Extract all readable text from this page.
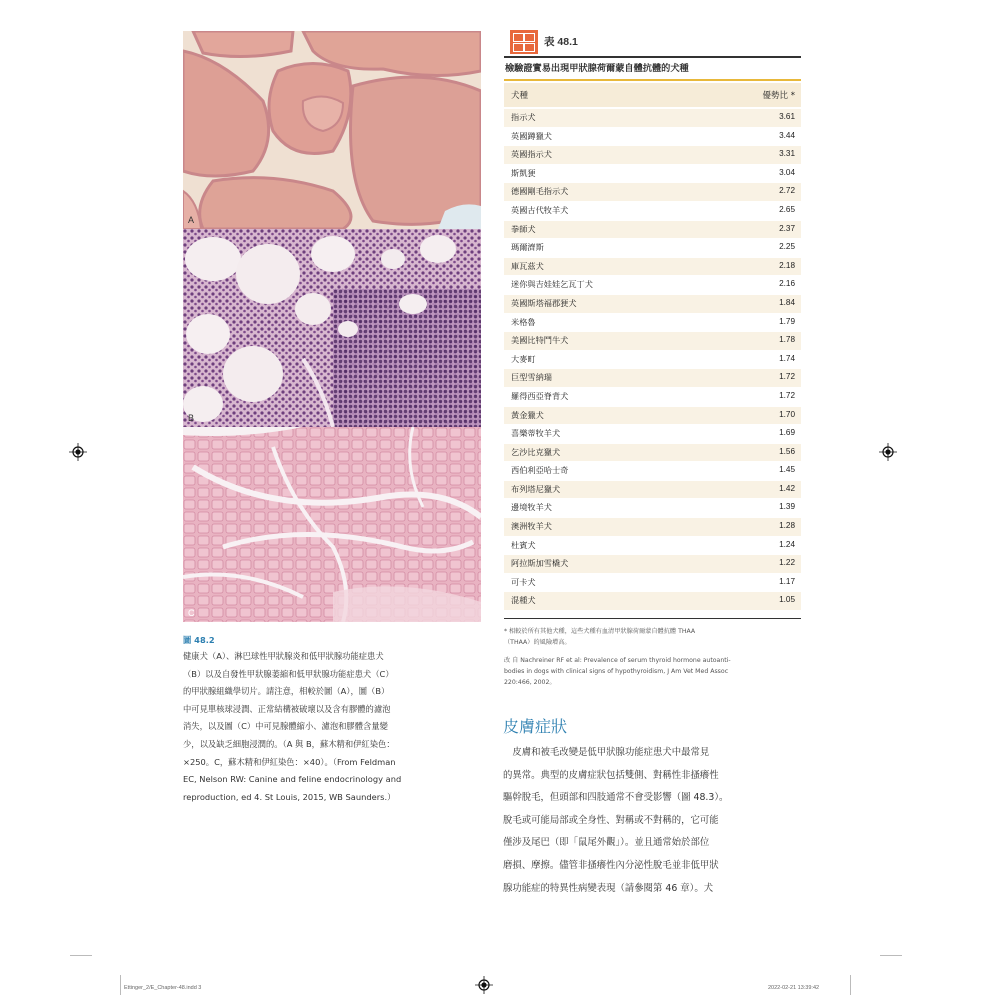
A
B
C
圖 48.2
健康犬（A）、淋巴球性甲狀腺炎和低甲狀腺功能症患犬
（B）以及自發性甲狀腺萎縮和低甲狀腺功能症患犬（C）
的甲狀腺組織學切片。請注意，相較於圖（A），圖（B）
中可見單核球浸潤、正常結構被破壞以及含有膠體的濾泡
消失，以及圖（C）中可見腺體縮小、濾泡和膠體含量變
少，以及缺乏細胞浸潤的。（A 與 B，蘇木精和伊紅染色：
×250。C，蘇木精和伊紅染色：×40）。（From Feldman
EC, Nelson RW: Canine and feline endocrinology and
reproduction, ed 4. St Louis, 2015, WB Saunders.）
表 48.1
檢驗證實易出現甲狀腺荷爾蒙自體抗體的犬種
犬種	優勢比 *
指示犬	3.61
英國蹲獵犬	3.44
英國指示犬	3.31
斯凱㹴	3.04
德國剛毛指示犬	2.72
英國古代牧羊犬	2.65
拳師犬	2.37
瑪爾濟斯	2.25
庫瓦茲犬	2.18
迷你與吉娃娃乞瓦丁犬	2.16
英國斯塔福郡㹴犬	1.84
米格魯	1.79
美國比特鬥牛犬	1.78
大麥町	1.74
巨型雪納瑞	1.72
羅得西亞脊背犬	1.72
黃金獵犬	1.70
喜樂蒂牧羊犬	1.69
乞沙比克獵犬	1.56
西伯利亞哈士奇	1.45
布列塔尼獵犬	1.42
邊境牧羊犬	1.39
澳洲牧羊犬	1.28
杜賓犬	1.24
阿拉斯加雪橇犬	1.22
可卡犬	1.17
混種犬	1.05
* 相較於所有其他犬種，這些犬種有血清甲狀腺荷爾蒙自體抗體 THAA
（THAA）的風險增高。
改 自 Nachreiner RF et al: Prevalence of serum thyroid hormone autoanti-
bodies in dogs with clinical signs of hypothyroidism, J Am Vet Med Assoc
220:466, 2002。
皮膚症狀
　皮膚和被毛改變是低甲狀腺功能症患犬中最常見
的異常。典型的皮膚症狀包括雙側、對稱性非搔癢性
驅幹脫毛，但頭部和四肢通常不會受影響（圖 48.3）。
脫毛或可能局部或全身性、對稱或不對稱的，它可能
僅涉及尾巴（即「鼠尾外觀」）。並且通常始於部位
磨損、摩擦。儘管非搔癢性內分泌性脫毛並非低甲狀
腺功能症的特異性病變表現（請參閱第 46 章）。犬
Ettinger_2/E_Chapter-48.indd 3	2022-02-21 13:39:42
